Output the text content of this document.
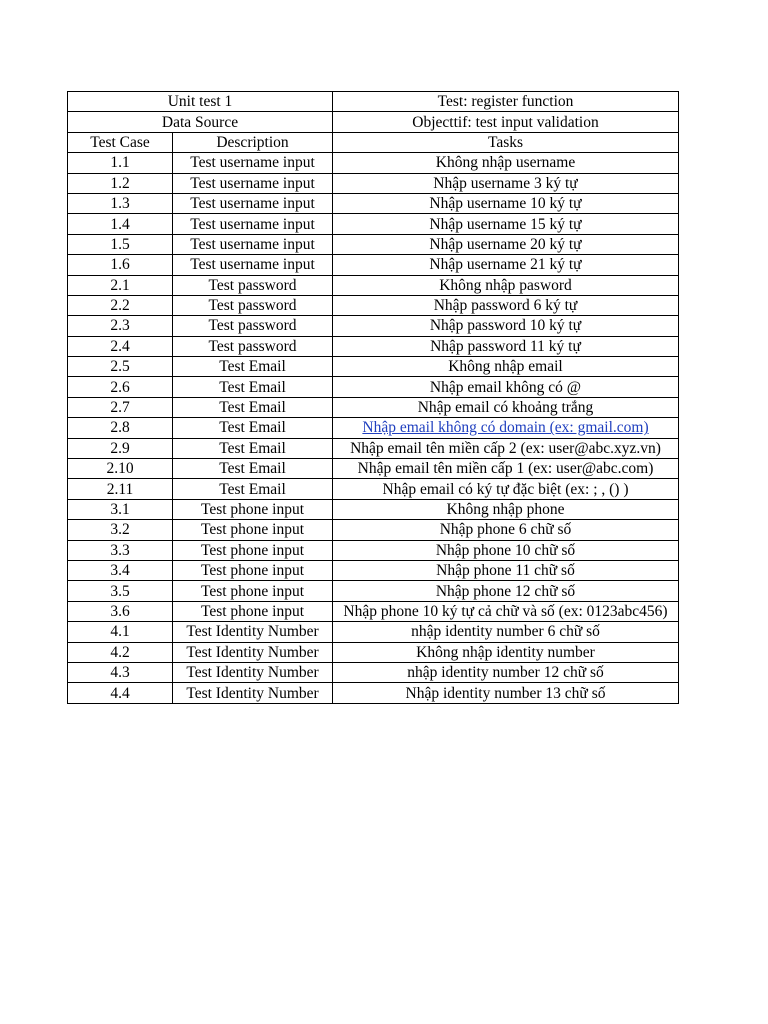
Unit test 1		Test: register function
Data Source		Objecttif: test input validation
Test Case	Description	Tasks
1.1	Test username input	Không nhập username
1.2	Test username input	Nhập username 3 ký tự
1.3	Test username input	Nhập username 10 ký tự
1.4	Test username input	Nhập username 15 ký tự
1.5	Test username input	Nhập username 20 ký tự
1.6	Test username input	Nhập username 21 ký tự
2.1	Test password	Không nhập pasword
2.2	Test password	Nhập password 6 ký tự
2.3	Test password	Nhập password 10 ký tự
2.4	Test password	Nhập password 11 ký tự
2.5	Test Email	Không nhập email
2.6	Test Email	Nhập email không có @
2.7	Test Email	Nhập email có khoảng trắng
2.8	Test Email	Nhập email không có domain (ex: gmail.com)
2.9	Test Email	Nhập email tên miền cấp 2 (ex: user@abc.xyz.vn)
2.10	Test Email	Nhập email tên miền cấp 1 (ex: user@abc.com)
2.11	Test Email	Nhập email có ký tự đặc biệt (ex: ; , () )
3.1	Test phone input	Không nhập phone
3.2	Test phone input	Nhập phone 6 chữ số
3.3	Test phone input	Nhập phone 10 chữ số
3.4	Test phone input	Nhập phone 11 chữ số
3.5	Test phone input	Nhập phone 12 chữ số
3.6	Test phone input	Nhập phone 10 ký tự cả chữ và số (ex: 0123abc456)
4.1	Test Identity Number	nhập identity number 6 chữ số
4.2	Test Identity Number	Không nhập identity number
4.3	Test Identity Number	nhập identity number 12 chữ số
4.4	Test Identity Number	Nhập identity number 13 chữ số
